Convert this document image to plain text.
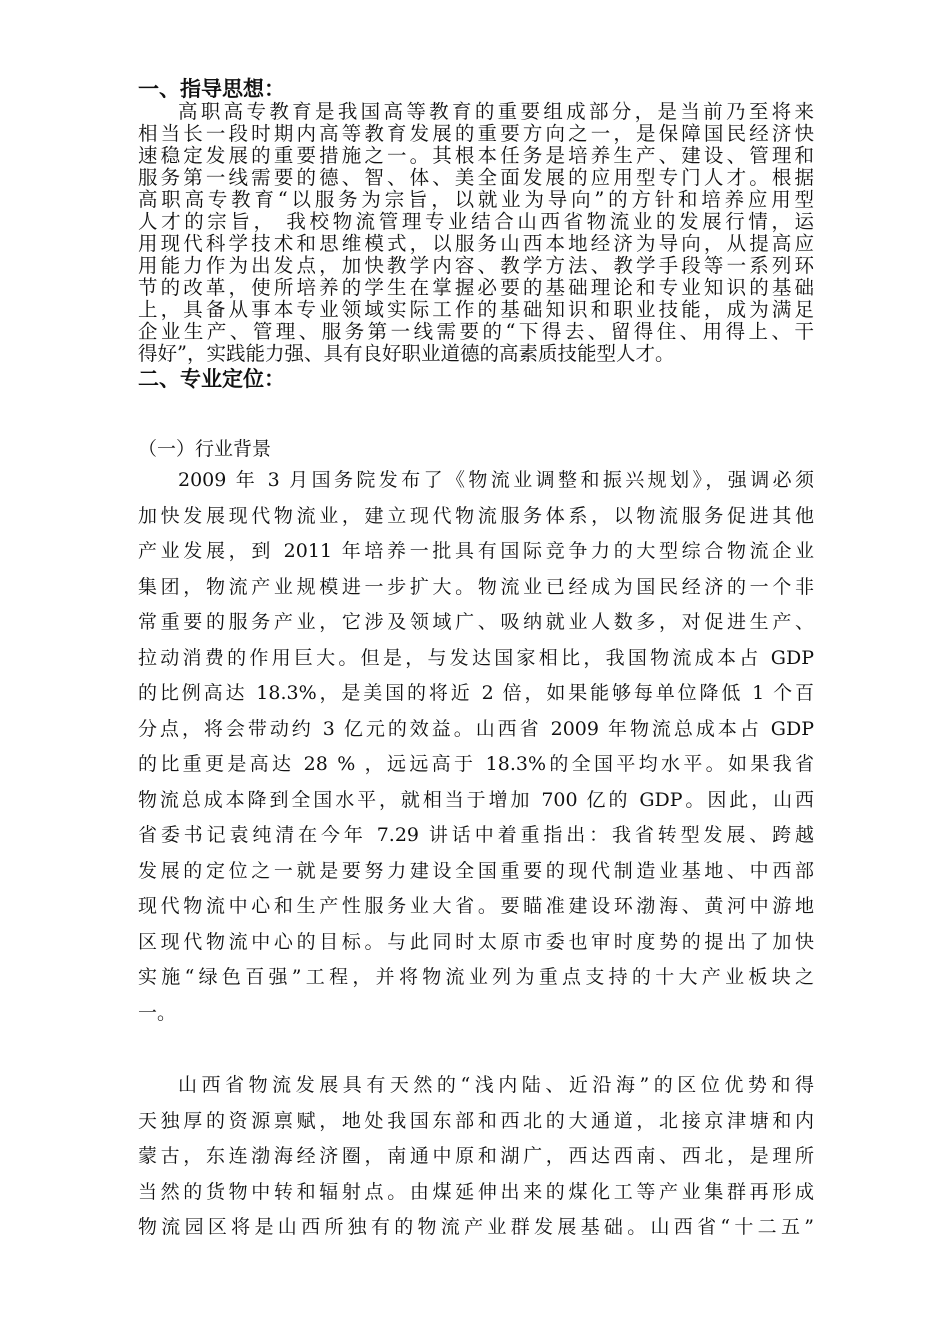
一、指导思想：
高职高专教育是我国高等教育的重要组成部分，是当前乃至将来
相当长一段时期内高等教育发展的重要方向之一，是保障国民经济快
速稳定发展的重要措施之一。其根本任务是培养生产、建设、管理和
服务第一线需要的德、智、体、美全面发展的应用型专门人才。根据
高职高专教育“以服务为宗旨，以就业为导向”的方针和培养应用型
人才的宗旨， 我校物流管理专业结合山西省物流业的发展行情，运
用现代科学技术和思维模式，以服务山西本地经济为导向，从提高应
用能力作为出发点，加快教学内容、教学方法、教学手段等一系列环
节的改革，使所培养的学生在掌握必要的基础理论和专业知识的基础
上，具备从事本专业领域实际工作的基础知识和职业技能，成为满足
企业生产、管理、服务第一线需要的“下得去、留得住、用得上、干
得好”，实践能力强、具有良好职业道德的高素质技能型人才。
二、专业定位：
（一）行业背景
2009 年 3 月国务院发布了《物流业调整和振兴规划》，强调必须
加快发展现代物流业，建立现代物流服务体系，以物流服务促进其他
产业发展，到 2011 年培养一批具有国际竞争力的大型综合物流企业
集团，物流产业规模进一步扩大。物流业已经成为国民经济的一个非
常重要的服务产业，它涉及领域广、吸纳就业人数多，对促进生产、
拉动消费的作用巨大。但是，与发达国家相比，我国物流成本占 GDP
的比例高达 18.3%，是美国的将近 2 倍，如果能够每单位降低 1 个百
分点，将会带动约 3 亿元的效益。山西省 2009 年物流总成本占 GDP
的比重更是高达 28 % ，远远高于 18.3%的全国平均水平。如果我省
物流总成本降到全国水平，就相当于增加 700 亿的 GDP。因此，山西
省委书记袁纯清在今年 7.29 讲话中着重指出：我省转型发展、跨越
发展的定位之一就是要努力建设全国重要的现代制造业基地、中西部
现代物流中心和生产性服务业大省。要瞄准建设环渤海、黄河中游地
区现代物流中心的目标。与此同时太原市委也审时度势的提出了加快
实施“绿色百强”工程，并将物流业列为重点支持的十大产业板块之
一。
山西省物流发展具有天然的“浅内陆、近沿海”的区位优势和得
天独厚的资源禀赋，地处我国东部和西北的大通道，北接京津塘和内
蒙古，东连渤海经济圈，南通中原和湖广，西达西南、西北，是理所
当然的货物中转和辐射点。由煤延伸出来的煤化工等产业集群再形成
物流园区将是山西所独有的物流产业群发展基础。山西省“十二五”
